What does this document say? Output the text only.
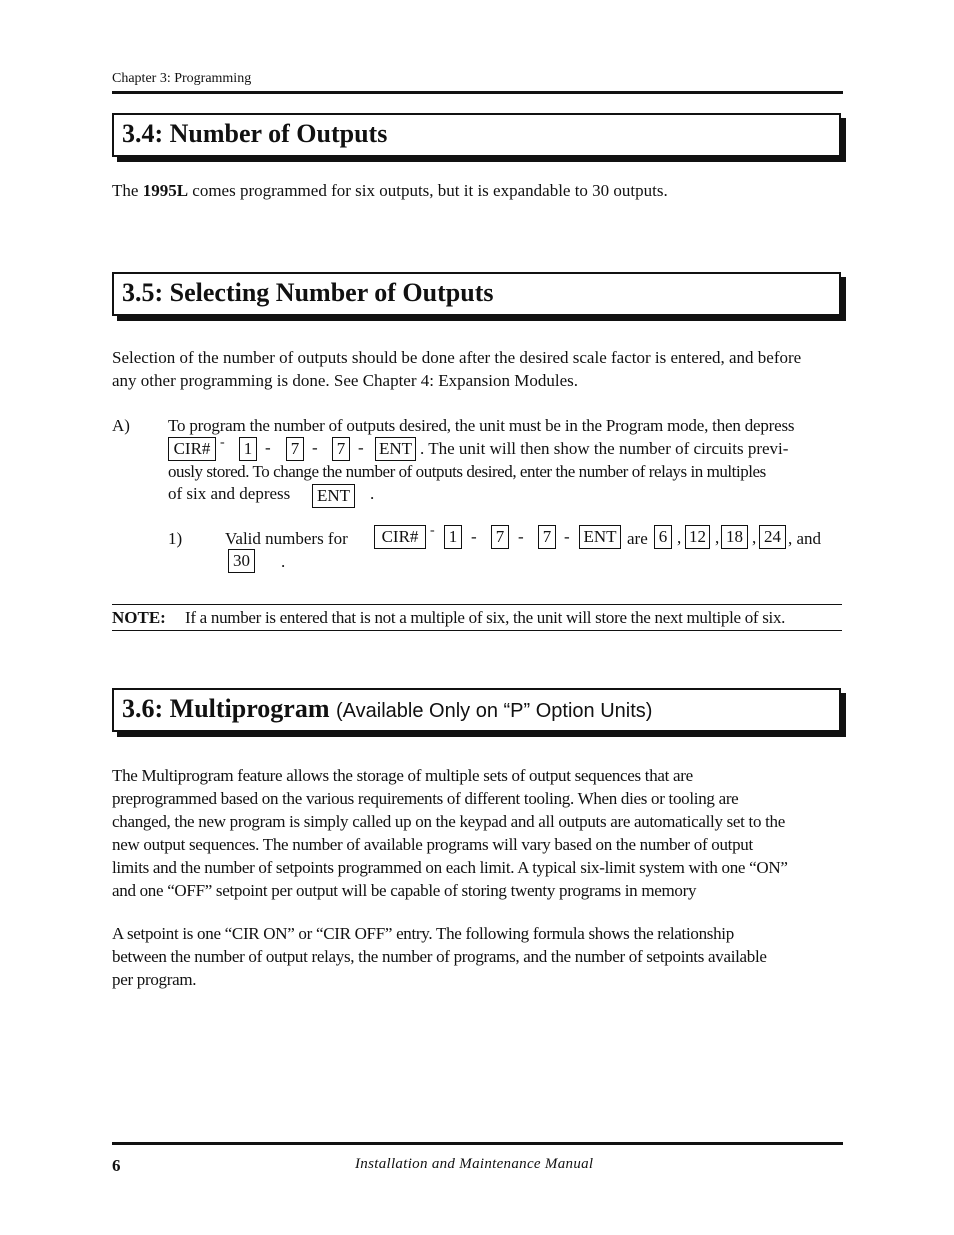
Chapter 3: Programming
3.4: Number of Outputs
The 1995L comes programmed for six outputs, but it is expandable to 30 outputs.
3.5: Selecting Number of Outputs
Selection of the number of outputs should be done after the desired scale factor is entered, and before
any other programming is done. See Chapter 4: Expansion Modules.
A) To program the number of outputs desired, the unit must be in the Program mode, then depress
CIR# - 1 - 7 - 7 - ENT . The unit will then show the number of circuits previ-
ously stored. To change the number of outputs desired, enter the number of relays in multiples
of six and depress ENT .
1)	Valid numbers for	CIR# - 1 - 7 - 7 - ENT are 6 , 12 , 18 , 24 , and
30 .
NOTE: If a number is entered that is not a multiple of six, the unit will store the next multiple of six.
3.6: Multiprogram (Available Only on “P” Option Units)
The Multiprogram feature allows the storage of multiple sets of output sequences that are
preprogrammed based on the various requirements of different tooling. When dies or tooling are
changed, the new program is simply called up on the keypad and all outputs are automatically set to the
new output sequences. The number of available programs will vary based on the number of output
limits and the number of setpoints programmed on each limit. A typical six-limit system with one “ON”
and one “OFF” setpoint per output will be capable of storing twenty programs in memory
A setpoint is one “CIR ON” or “CIR OFF” entry. The following formula shows the relationship
between the number of output relays, the number of programs, and the number of setpoints available
per program.
6	Installation and Maintenance Manual
